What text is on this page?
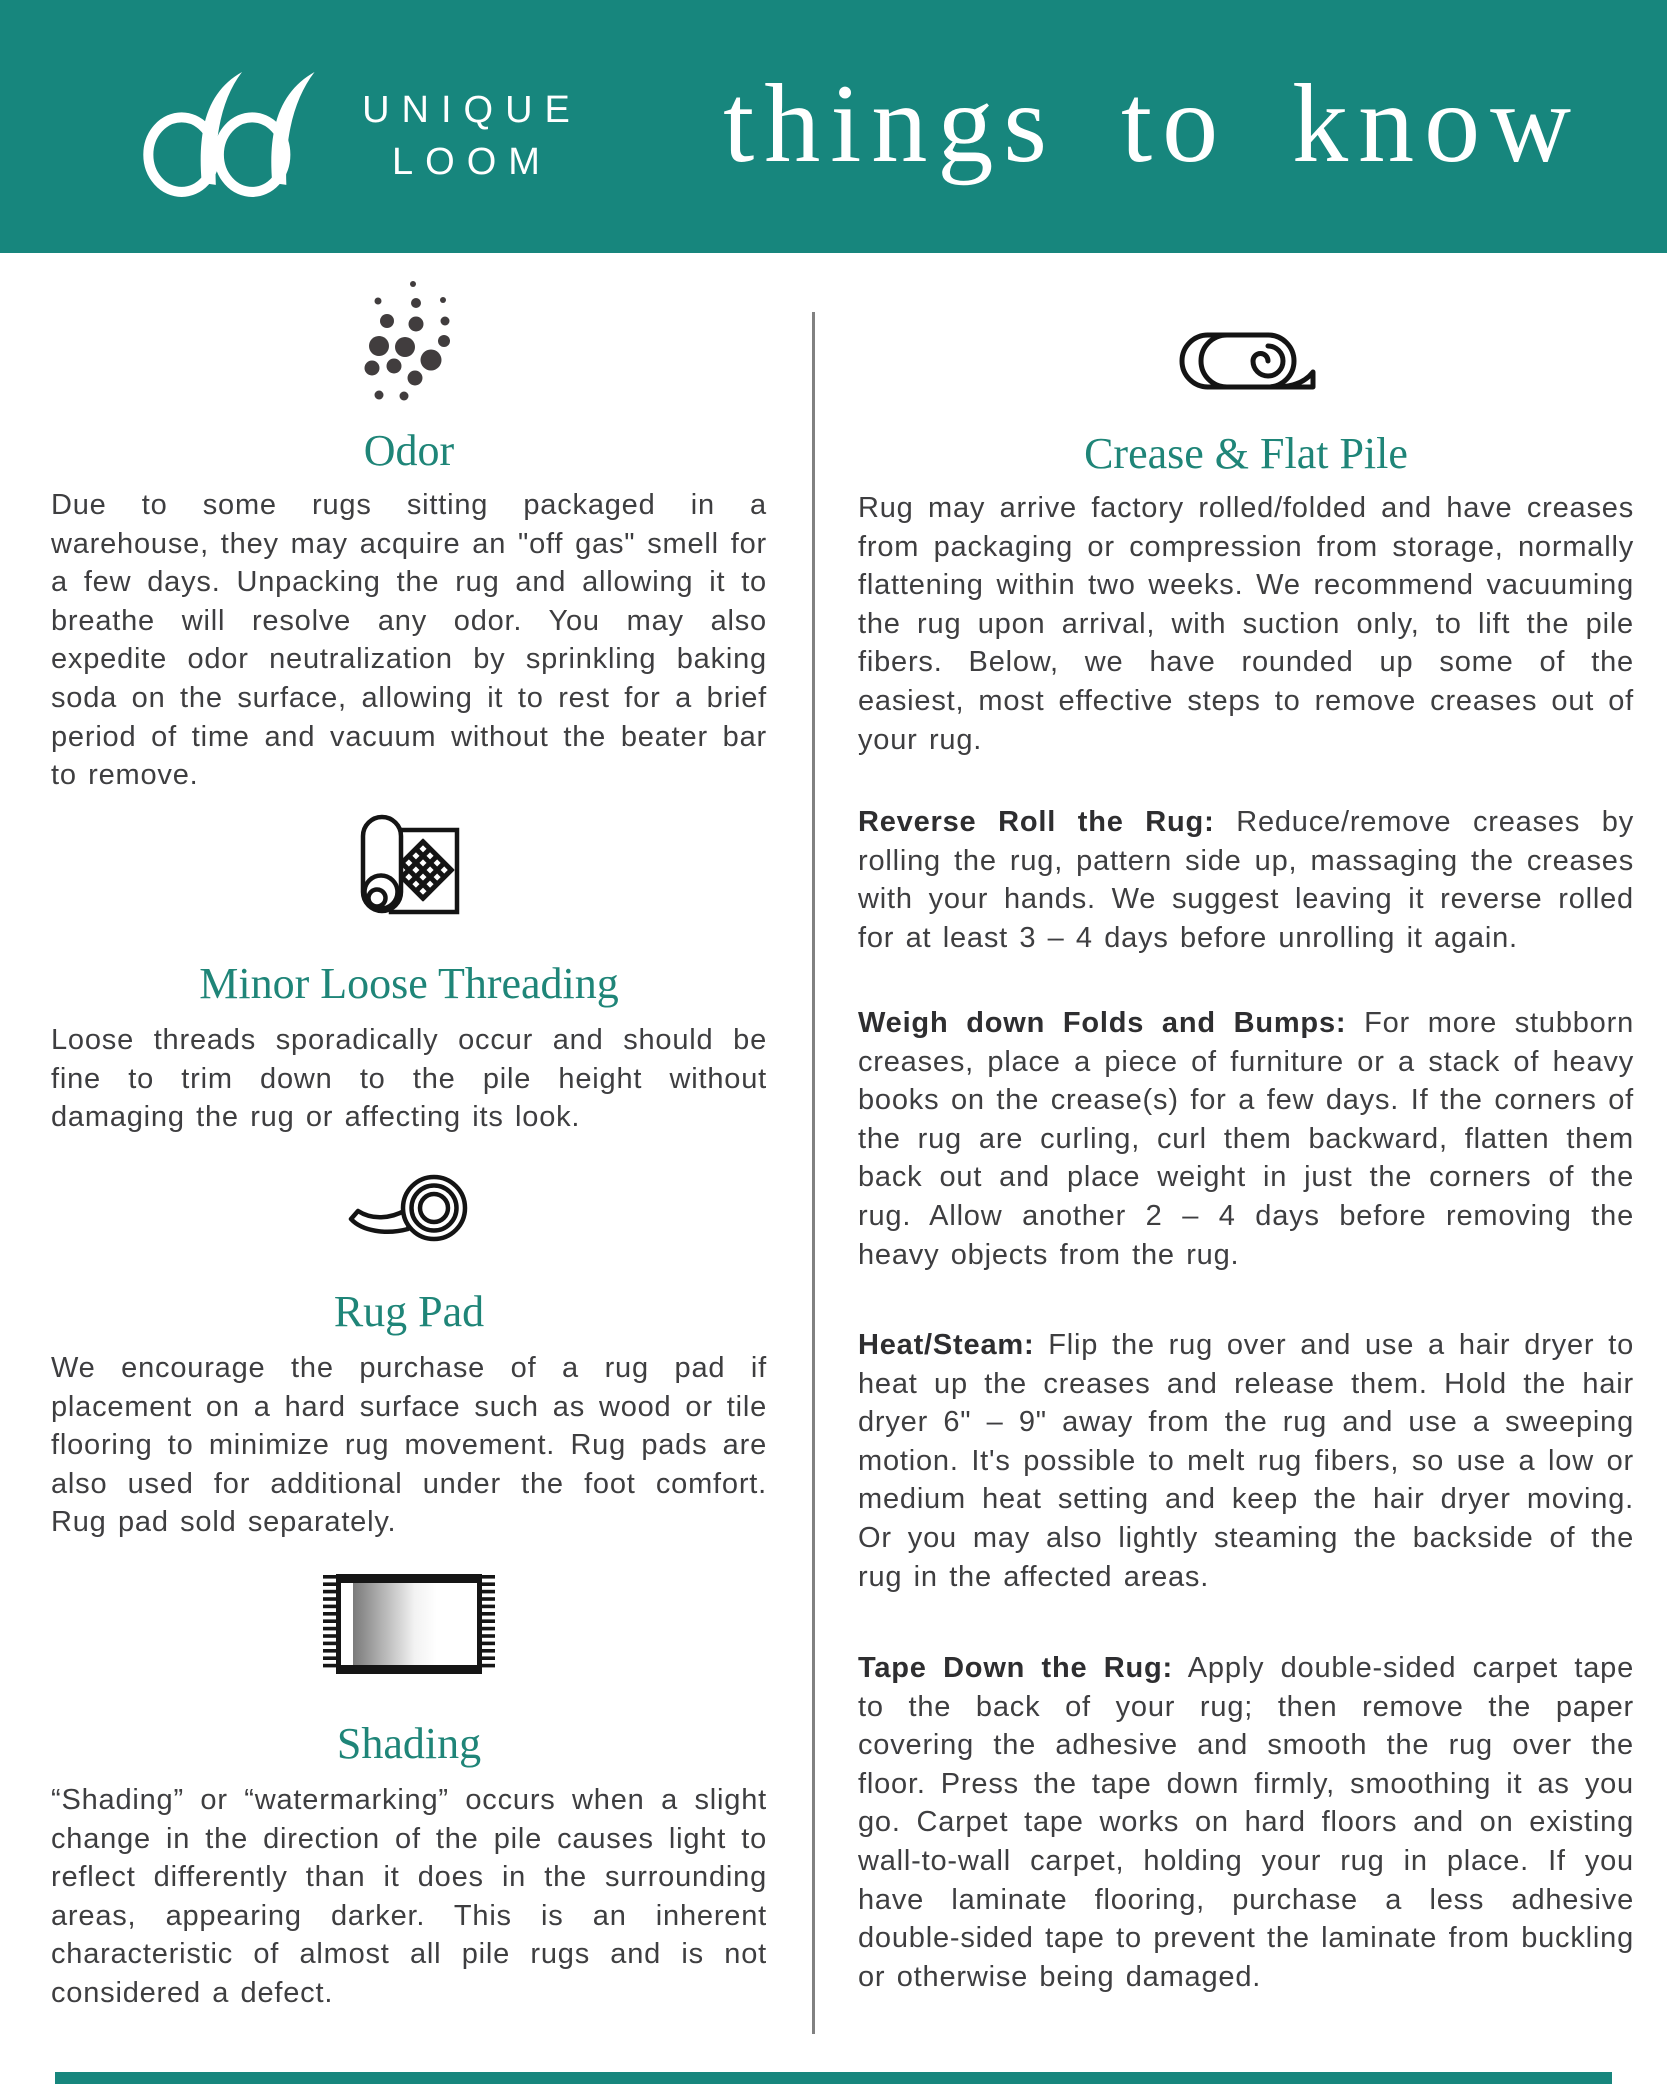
UNIQUE
LOOM	things to know
Odor
Due to some rugs sitting packaged in a warehouse, they may acquire an "off gas" smell for a few days. Unpacking the rug and allowing it to breathe will resolve any odor. You may also expedite odor neutralization by sprinkling baking soda on the surface, allowing it to rest for a brief period of time and vacuum without the beater bar to remove.
Minor Loose Threading
Loose threads sporadically occur and should be fine to trim down to the pile height without damaging the rug or affecting its look.
Rug Pad
We encourage the purchase of a rug pad if placement on a hard surface such as wood or tile flooring to minimize rug movement. Rug pads are also used for additional under the foot comfort. Rug pad sold separately.
Shading
“Shading” or “watermarking” occurs when a slight change in the direction of the pile causes light to reflect differently than it does in the surrounding areas, appearing darker. This is an inherent characteristic of almost all pile rugs and is not considered a defect.
Crease & Flat Pile
Rug may arrive factory rolled/folded and have creases from packaging or compression from storage, normally flattening within two weeks. We recommend vacuuming the rug upon arrival, with suction only, to lift the pile fibers. Below, we have rounded up some of the easiest, most effective steps to remove creases out of your rug.
Reverse Roll the Rug: Reduce/remove creases by rolling the rug, pattern side up, massaging the creases with your hands. We suggest leaving it reverse rolled for at least 3 – 4 days before unrolling it again.
Weigh down Folds and Bumps: For more stubborn creases, place a piece of furniture or a stack of heavy books on the crease(s) for a few days. If the corners of the rug are curling, curl them backward, flatten them back out and place weight in just the corners of the rug. Allow another 2 – 4 days before removing the heavy objects from the rug.
Heat/Steam: Flip the rug over and use a hair dryer to heat up the creases and release them. Hold the hair dryer 6" – 9" away from the rug and use a sweeping motion. It's possible to melt rug fibers, so use a low or medium heat setting and keep the hair dryer moving. Or you may also lightly steaming the backside of the rug in the affected areas.
Tape Down the Rug: Apply double-sided carpet tape to the back of your rug; then remove the paper covering the adhesive and smooth the rug over the floor. Press the tape down firmly, smoothing it as you go. Carpet tape works on hard floors and on existing wall-to-wall carpet, holding your rug in place. If you have laminate flooring, purchase a less adhesive double-sided tape to prevent the laminate from buckling or otherwise being damaged.
